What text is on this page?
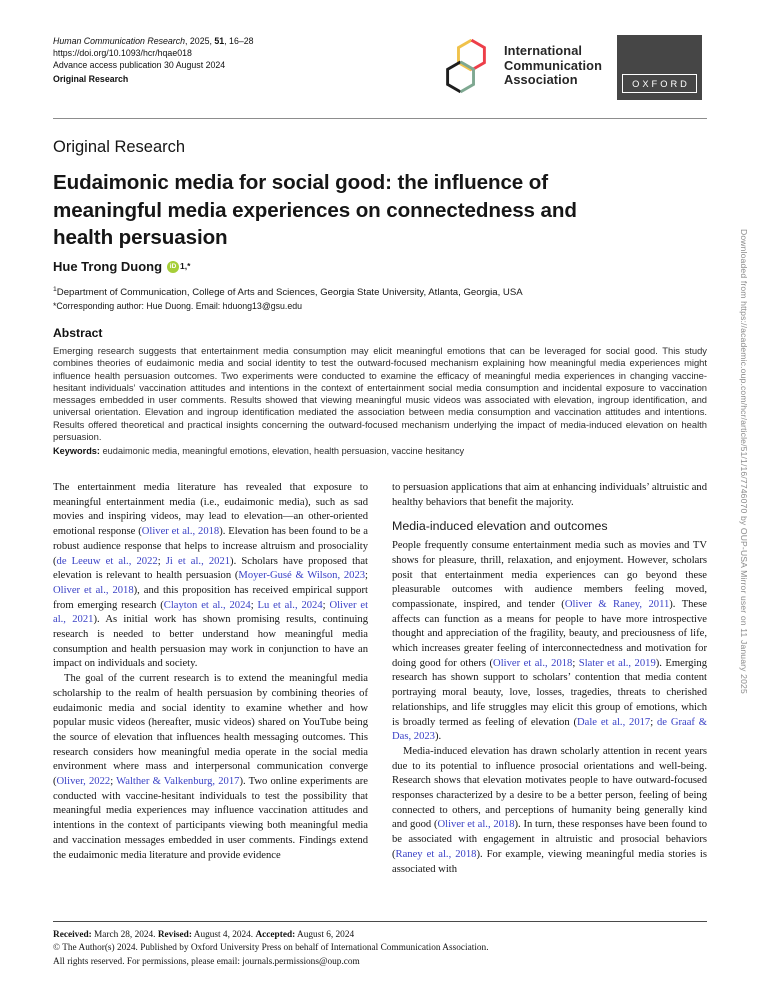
Human Communication Research, 2025, 51, 16–28
https://doi.org/10.1093/hcr/hqae018
Advance access publication 30 August 2024
Original Research
International
Communication
Association	OXFORD
Original Research
Eudaimonic media for social good: the influence of meaningful media experiences on connectedness and health persuasion
Hue Trong Duong	iD 1,*
$^1$Department of Communication, College of Arts and Sciences, Georgia State University, Atlanta, Georgia, USA
*Corresponding author: Hue Duong. Email: hduong13@gsu.edu
Abstract
Emerging research suggests that entertainment media consumption may elicit meaningful emotions that can be leveraged for social good. This study combines theories of eudaimonic media and social identity to test the outward-focused mechanism explaining how meaningful media experiences might influence health persuasion outcomes. Two experiments were conducted to examine the efficacy of meaningful media experiences in changing vaccine-hesitant individuals’ vaccination attitudes and intentions in the context of entertainment social media consumption and incidental exposure to vaccination messages embedded in user comments. Results showed that viewing meaningful music videos was associated with elevation, ingroup identification, and universal orientation. Elevation and ingroup identification mediated the association between media consumption and vaccination attitudes and intentions. Results offered theoretical and practical insights concerning the outward-focused mechanism underlying the impact of media-induced elevation on health persuasion.
Keywords: eudaimonic media, meaningful emotions, elevation, health persuasion, vaccine hesitancy

The entertainment media literature has revealed that exposure to meaningful entertainment media (i.e., eudaimonic media), such as sad movies and inspiring videos, may lead to elevation—an other-oriented emotional response (Oliver et al., 2018). Elevation has been found to be a robust audience response that helps to increase altruism and prosociality (de Leeuw et al., 2022; Ji et al., 2021). Scholars have proposed that elevation is relevant to health persuasion (Moyer-Gusé & Wilson, 2023; Oliver et al., 2018), and this proposition has received empirical support from emerging research (Clayton et al., 2024; Lu et al., 2024; Oliver et al., 2021). As initial work has shown promising results, continuing research is needed to better understand how meaningful media consumption and health persuasion may work in conjunction to have an impact on individuals and society.

The goal of the current research is to extend the meaningful media scholarship to the realm of health persuasion by combining theories of eudaimonic media and social identity to examine whether and how popular music videos (hereafter, music videos) shared on YouTube being the source of elevation that influences health messaging outcomes. This research considers how meaningful media operate in the social media environment where mass and interpersonal communication converge (Oliver, 2022; Walther & Valkenburg, 2017). Two online experiments are conducted with vaccine-hesitant individuals to test the possibility that meaningful media experiences may influence vaccination attitudes and intentions in the context of participants viewing both meaningful media and vaccination messages embedded in user comments. Findings extend the eudaimonic media literature and provide evidence

to persuasion applications that aim at enhancing individuals’ altruistic and healthy behaviors that benefit the majority.

Media-induced elevation and outcomes

People frequently consume entertainment media such as movies and TV shows for pleasure, thrill, relaxation, and enjoyment. However, scholars posit that entertainment media experiences can go beyond these pleasurable outcomes with audience members feeling moved, compassionate, inspired, and tender (Oliver & Raney, 2011). These affects can function as a means for people to have more introspective thought and appreciation of the fragility, beauty, and preciousness of life, which increases greater feeling of interconnectedness and motivation for doing good for others (Oliver et al., 2018; Slater et al., 2019). Emerging research has shown support to scholars’ contention that media content portraying moral beauty, love, losses, tragedies, threats to cherished relationships, and life struggles may elicit this group of emotions, which is broadly termed as feeling of elevation (Dale et al., 2017; de Graaf & Das, 2023).

Media-induced elevation has drawn scholarly attention in recent years due to its potential to influence prosocial orientations and well-being. Research shows that elevation motivates people to have outward-focused responses characterized by a desire to be a better person, feeling of being connected to others, and perceptions of humanity being generally kind and good (Oliver et al., 2018). In turn, these responses have been found to be associated with engagement in altruistic and prosocial behaviors (Raney et al., 2018). For example, viewing meaningful media stories is associated with

Received: March 28, 2024. Revised: August 4, 2024. Accepted: August 6, 2024
© The Author(s) 2024. Published by Oxford University Press on behalf of International Communication Association.
All rights reserved. For permissions, please email: journals.permissions@oup.com
Downloaded from https://academic.oup.com/hcr/article/51/1/16/7746070 by OUP-USA Mirror user on 11 January 2025
